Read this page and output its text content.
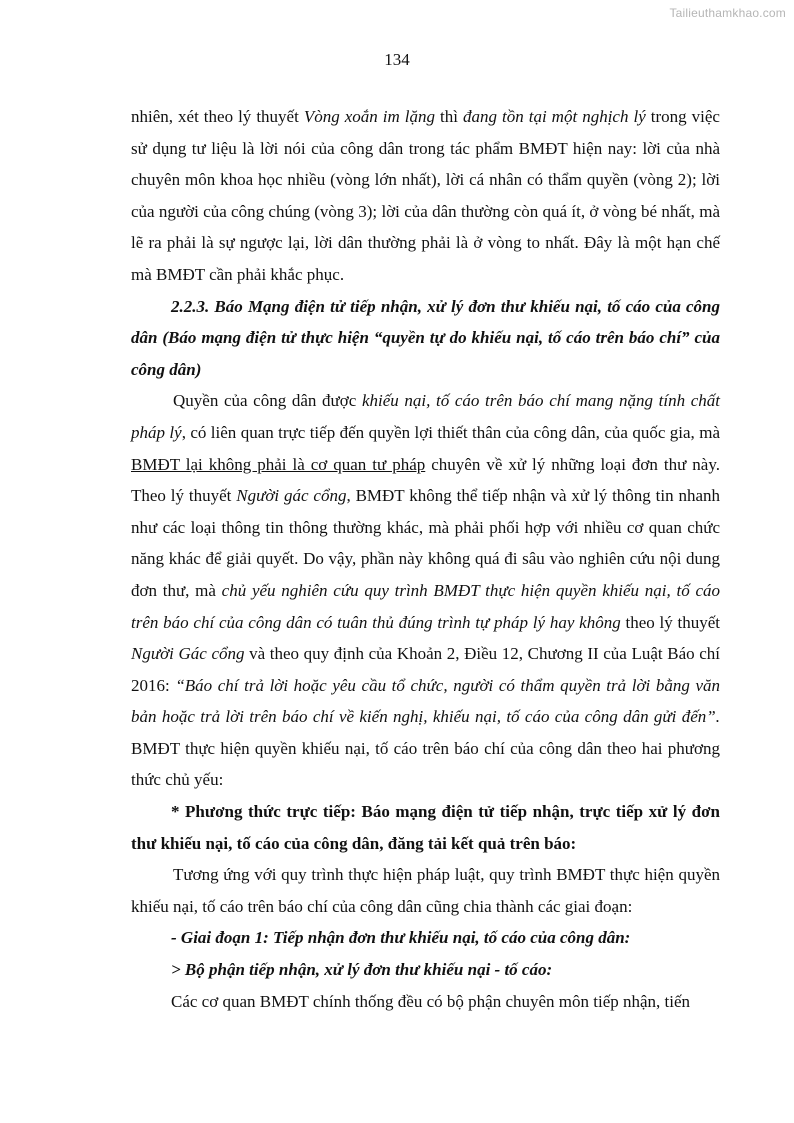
Tailieuthamkhao.com
134

nhiên, xét theo lý thuyết Vòng xoắn im lặng thì đang tồn tại một nghịch lý trong việc sử dụng tư liệu là lời nói của công dân trong tác phẩm BMĐT hiện nay: lời của nhà chuyên môn khoa học nhiều (vòng lớn nhất), lời cá nhân có thẩm quyền (vòng 2); lời của người của công chúng (vòng 3); lời của dân thường còn quá ít, ở vòng bé nhất, mà lẽ ra phải là sự ngược lại, lời dân thường phải là ở vòng to nhất. Đây là một hạn chế mà BMĐT cần phải khắc phục.

2.2.3. Báo Mạng điện tử tiếp nhận, xử lý đơn thư khiếu nại, tố cáo của công dân (Báo mạng điện tử thực hiện “quyền tự do khiếu nại, tố cáo trên báo chí” của công dân)

Quyền của công dân được khiếu nại, tố cáo trên báo chí mang nặng tính chất pháp lý, có liên quan trực tiếp đến quyền lợi thiết thân của công dân, của quốc gia, mà BMĐT lại không phải là cơ quan tư pháp chuyên về xử lý những loại đơn thư này. Theo lý thuyết Người gác cổng, BMĐT không thể tiếp nhận và xử lý thông tin nhanh như các loại thông tin thông thường khác, mà phải phối hợp với nhiều cơ quan chức năng khác để giải quyết. Do vậy, phần này không quá đi sâu vào nghiên cứu nội dung đơn thư, mà chủ yếu nghiên cứu quy trình BMĐT thực hiện quyền khiếu nại, tố cáo trên báo chí của công dân có tuân thủ đúng trình tự pháp lý hay không theo lý thuyết Người Gác cổng và theo quy định của Khoản 2, Điều 12, Chương II của Luật Báo chí 2016: “Báo chí trả lời hoặc yêu cầu tổ chức, người có thẩm quyền trả lời bằng văn bản hoặc trả lời trên báo chí về kiến nghị, khiếu nại, tố cáo của công dân gửi đến”. BMĐT thực hiện quyền khiếu nại, tố cáo trên báo chí của công dân theo hai phương thức chủ yếu:

* Phương thức trực tiếp: Báo mạng điện tử tiếp nhận, trực tiếp xử lý đơn thư khiếu nại, tố cáo của công dân, đăng tải kết quả trên báo:

Tương ứng với quy trình thực hiện pháp luật, quy trình BMĐT thực hiện quyền khiếu nại, tố cáo trên báo chí của công dân cũng chia thành các giai đoạn:

- Giai đoạn 1: Tiếp nhận đơn thư khiếu nại, tố cáo của công dân:

> Bộ phận tiếp nhận, xử lý đơn thư khiếu nại - tố cáo:

Các cơ quan BMĐT chính thống đều có bộ phận chuyên môn tiếp nhận, tiến
